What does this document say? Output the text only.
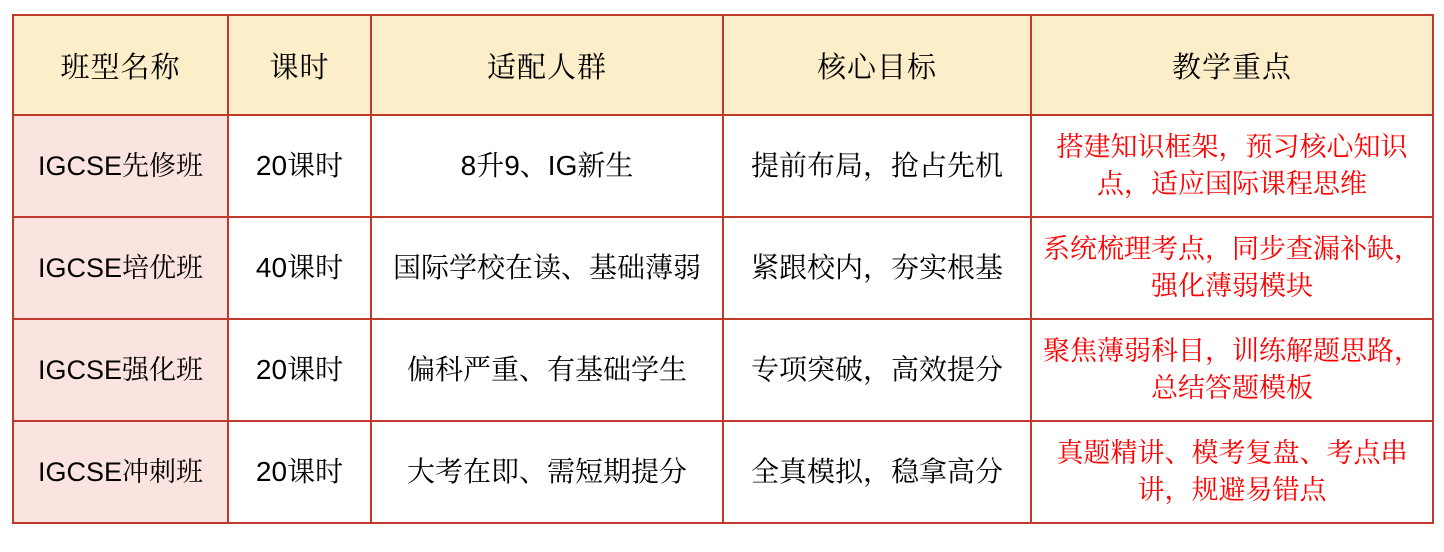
班型名称	课时	适配人群	核心目标	教学重点
IGCSE先修班	20课时	8升9、IG新生	提前布局，抢占先机	搭建知识框架，预习核心知识点，适应国际课程思维
IGCSE培优班	40课时	国际学校在读、基础薄弱	紧跟校内，夯实根基	系统梳理考点，同步查漏补缺，强化薄弱模块
IGCSE强化班	20课时	偏科严重、有基础学生	专项突破，高效提分	聚焦薄弱科目，训练解题思路，总结答题模板
IGCSE冲刺班	20课时	大考在即、需短期提分	全真模拟，稳拿高分	真题精讲、模考复盘、考点串讲，规避易错点
